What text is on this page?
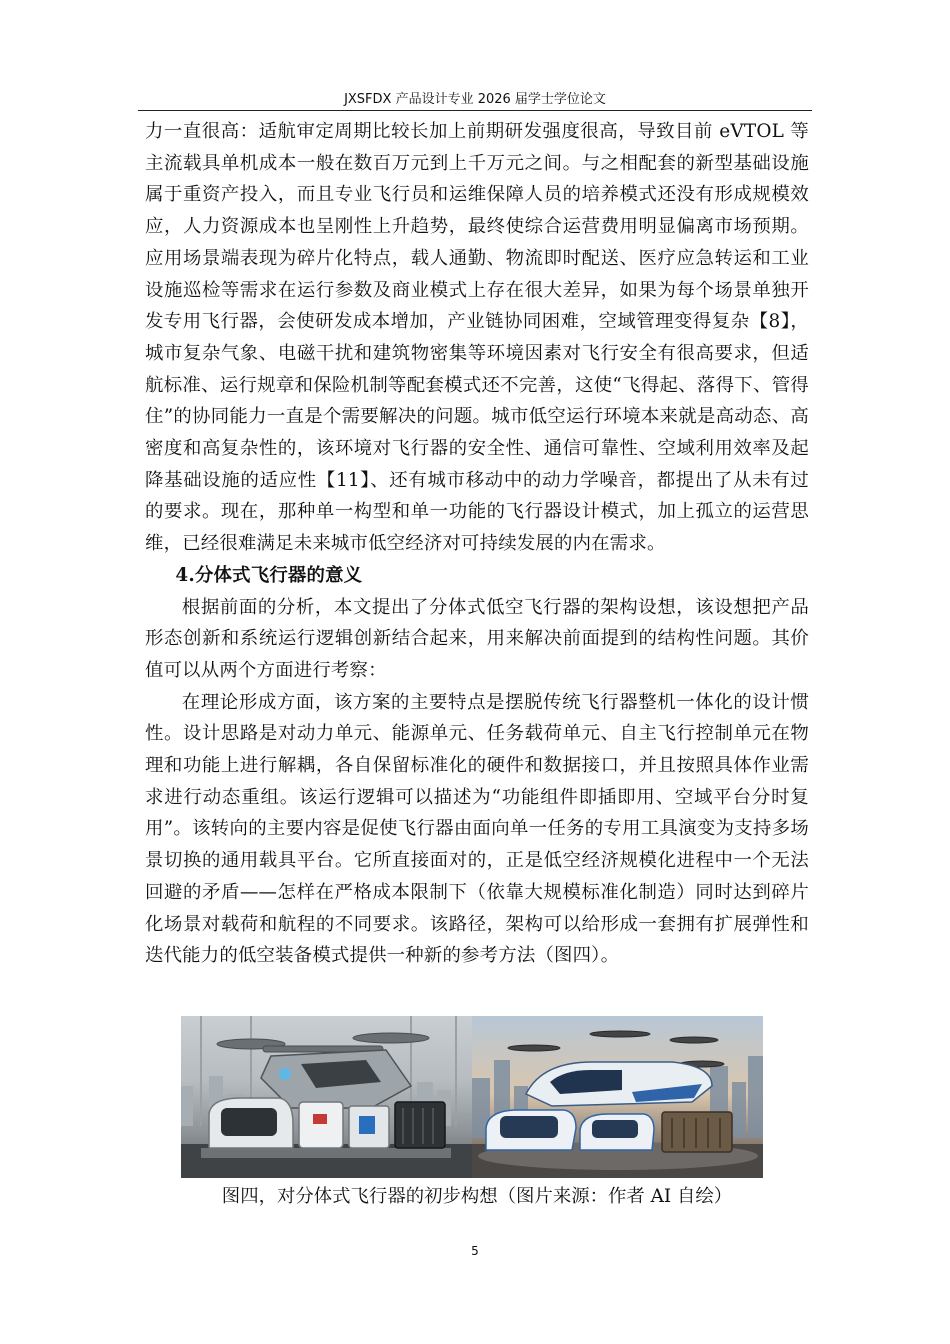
JXSFDX 产品设计专业 2026 届学士学位论文

力一直很高：适航审定周期比较长加上前期研发强度很高，导致目前 eVTOL 等主流载具单机成本一般在数百万元到上千万元之间。与之相配套的新型基础设施属于重资产投入，而且专业飞行员和运维保障人员的培养模式还没有形成规模效应，人力资源成本也呈刚性上升趋势，最终使综合运营费用明显偏离市场预期。应用场景端表现为碎片化特点，载人通勤、物流即时配送、医疗应急转运和工业设施巡检等需求在运行参数及商业模式上存在很大差异，如果为每个场景单独开发专用飞行器，会使研发成本增加，产业链协同困难，空域管理变得复杂【8】，城市复杂气象、电磁干扰和建筑物密集等环境因素对飞行安全有很高要求，但适航标准、运行规章和保险机制等配套模式还不完善，这使“飞得起、落得下、管得住”的协同能力一直是个需要解决的问题。城市低空运行环境本来就是高动态、高密度和高复杂性的，该环境对飞行器的安全性、通信可靠性、空域利用效率及起降基础设施的适应性【11】、还有城市移动中的动力学噪音，都提出了从未有过的要求。现在，那种单一构型和单一功能的飞行器设计模式，加上孤立的运营思维，已经很难满足未来城市低空经济对可持续发展的内在需求。

4.分体式飞行器的意义

根据前面的分析，本文提出了分体式低空飞行器的架构设想，该设想把产品形态创新和系统运行逻辑创新结合起来，用来解决前面提到的结构性问题。其价值可以从两个方面进行考察：

在理论形成方面，该方案的主要特点是摆脱传统飞行器整机一体化的设计惯性。设计思路是对动力单元、能源单元、任务载荷单元、自主飞行控制单元在物理和功能上进行解耦，各自保留标准化的硬件和数据接口，并且按照具体作业需求进行动态重组。该运行逻辑可以描述为“功能组件即插即用、空域平台分时复用”。该转向的主要内容是促使飞行器由面向单一任务的专用工具演变为支持多场景切换的通用载具平台。它所直接面对的，正是低空经济规模化进程中一个无法回避的矛盾——怎样在严格成本限制下（依靠大规模标准化制造）同时达到碎片化场景对载荷和航程的不同要求。该路径，架构可以给形成一套拥有扩展弹性和迭代能力的低空装备模式提供一种新的参考方法（图四）。

图四，对分体式飞行器的初步构想（图片来源：作者 AI 自绘）
5
